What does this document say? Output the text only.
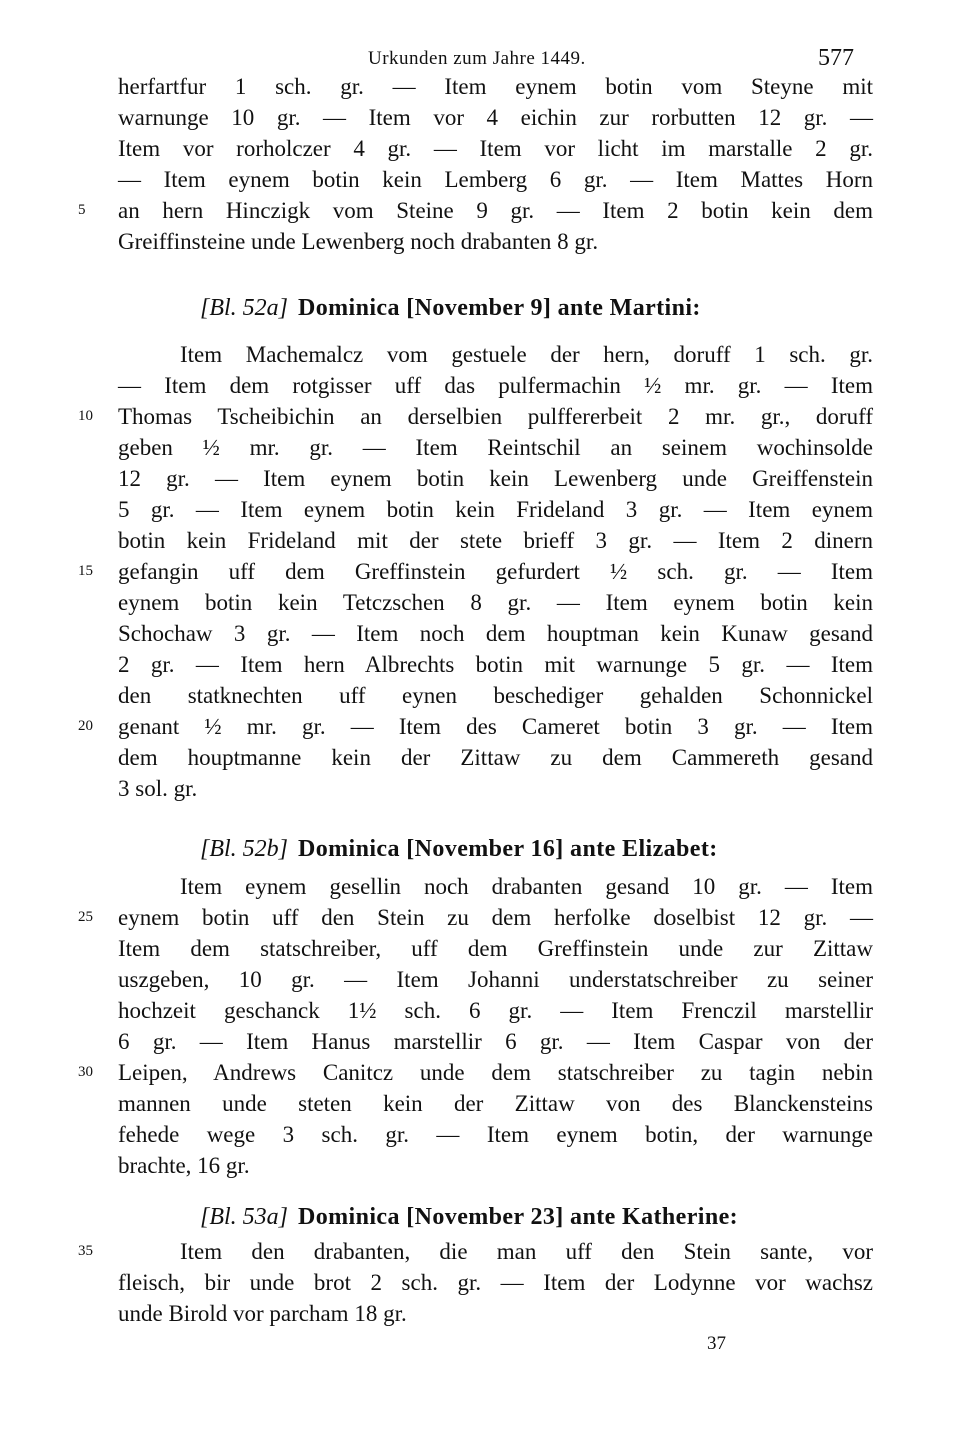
Urkunden zum Jahre 1449.	577
herfartfur 1 sch. gr. — Item eynem botin vom Steyne mit
warnunge 10 gr. — Item vor 4 eichin zur rorbutten 12 gr. —
Item vor rorholczer 4 gr. — Item vor licht im marstalle 2 gr.
— Item eynem botin kein Lemberg 6 gr. — Item Mattes Horn
5	an hern Hinczigk vom Steine 9 gr. — Item 2 botin kein dem
Greiffinsteine unde Lewenberg noch drabanten 8 gr.
[Bl. 52a] Dominica [November 9] ante Martini:
Item Machemalcz vom gestuele der hern, doruff 1 sch. gr.
— Item dem rotgisser uff das pulfermachin ½ mr. gr. — Item
10	Thomas Tscheibichin an derselbien pulffererbeit 2 mr. gr., doruff
geben ½ mr. gr. — Item Reintschil an seinem wochinsolde
12 gr. — Item eynem botin kein Lewenberg unde Greiffenstein
5 gr. — Item eynem botin kein Frideland 3 gr. — Item eynem
botin kein Frideland mit der stete brieff 3 gr. — Item 2 dinern
15	gefangin uff dem Greffinstein gefurdert ½ sch. gr. — Item
eynem botin kein Tetczschen 8 gr. — Item eynem botin kein
Schochaw 3 gr. — Item noch dem houptman kein Kunaw gesand
2 gr. — Item hern Albrechts botin mit warnunge 5 gr. — Item
den statknechten uff eynen beschediger gehalden Schonnickel
20	genant ½ mr. gr. — Item des Cameret botin 3 gr. — Item
dem houptmanne kein der Zittaw zu dem Cammereth gesand
3 sol. gr.
[Bl. 52b] Dominica [November 16] ante Elizabet:
Item eynem gesellin noch drabanten gesand 10 gr. — Item
25	eynem botin uff den Stein zu dem herfolke doselbist 12 gr. —
Item dem statschreiber, uff dem Greffinstein unde zur Zittaw
uszgeben, 10 gr. — Item Johanni understatschreiber zu seiner
hochzeit geschanck 1½ sch. 6 gr. — Item Frenczil marstellir
6 gr. — Item Hanus marstellir 6 gr. — Item Caspar von der
30	Leipen, Andrews Canitcz unde dem statschreiber zu tagin nebin
mannen unde steten kein der Zittaw von des Blanckensteins
fehede wege 3 sch. gr. — Item eynem botin, der warnunge
brachte, 16 gr.
[Bl. 53a] Dominica [November 23] ante Katherine:
35	Item den drabanten, die man uff den Stein sante, vor
fleisch, bir unde brot 2 sch. gr. — Item der Lodynne vor wachsz
unde Birold vor parcham 18 gr.
37
